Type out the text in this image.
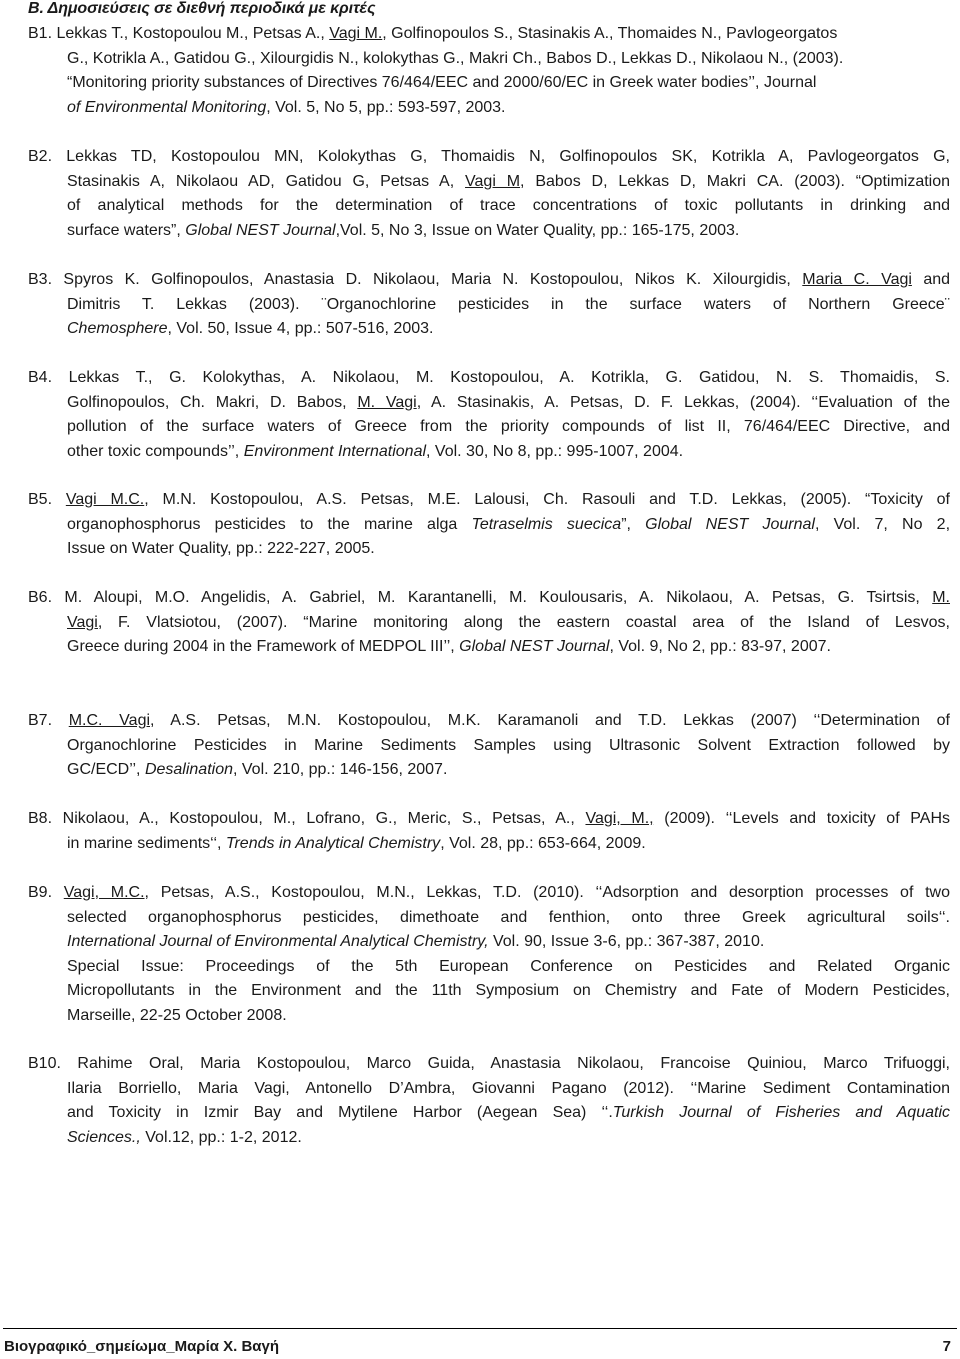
Β. Δημοσιεύσεις σε διεθνή περιοδικά με κριτές
B1. Lekkas T., Kostopoulou M., Petsas A., Vagi M., Golfinopoulos S., Stasinakis A., Thomaides N., Pavlogeorgatos
G., Kotrikla A., Gatidou G., Xilourgidis N., kolokythas G., Makri Ch., Babos D., Lekkas D., Nikolaou N., (2003).
“Monitoring priority substances of Directives 76/464/EEC and 2000/60/EC in Greek water bodies’’, Journal
of Environmental Monitoring, Vol. 5, No 5, pp.: 593-597, 2003.
B2. Lekkas TD, Kostopoulou MN, Kolokythas G, Thomaidis N, Golfinopoulos SK, Kotrikla A, Pavlogeorgatos G,
Stasinakis A, Nikolaou AD, Gatidou G, Petsas A, Vagi M, Babos D, Lekkas D, Makri CA. (2003). “Optimization
of analytical methods for the determination of trace concentrations of toxic pollutants in drinking and
surface waters”, Global NEST Journal,Vol. 5, No 3, Issue on Water Quality, pp.: 165-175, 2003.
B3. Spyros K. Golfinopoulos, Anastasia D. Nikolaou, Maria N. Kostopoulou, Nikos K. Xilourgidis, Maria C. Vagi and
Dimitris T. Lekkas (2003). ¨Organochlorine pesticides in the surface waters of Northern Greece¨
Chemosphere, Vol. 50, Issue 4, pp.: 507-516, 2003.
B4. Lekkas T., G. Kolokythas, A. Nikolaou, M. Kostopoulou, A. Kotrikla, G. Gatidou, N. S. Thomaidis, S.
Golfinopoulos, Ch. Makri, D. Babos, M. Vagi, A. Stasinakis, A. Petsas, D. F. Lekkas, (2004). ‘‘Evaluation of the
pollution of the surface waters of Greece from the priority compounds of list II, 76/464/EEC Directive, and
other toxic compounds’’, Environment International, Vol. 30, No 8, pp.: 995-1007, 2004.
B5. Vagi M.C., M.N. Kostopoulou, A.S. Petsas, M.E. Lalousi, Ch. Rasouli and T.D. Lekkas, (2005). “Toxicity of
organophosphorus pesticides to the marine alga Tetraselmis suecica”, Global NEST Journal, Vol. 7, No 2,
Issue on Water Quality, pp.: 222-227, 2005.
B6. M. Aloupi, M.O. Angelidis, A. Gabriel, M. Karantanelli, M. Koulousaris, A. Nikolaou, A. Petsas, G. Tsirtsis, M.
Vagi, F. Vlatsiotou, (2007). “Marine monitoring along the eastern coastal area of the Island of Lesvos,
Greece during 2004 in the Framework of MEDPOL III’’, Global NEST Journal, Vol. 9, No 2, pp.: 83-97, 2007.
B7. M.C. Vagi, A.S. Petsas, M.N. Kostopoulou, M.K. Karamanoli and T.D. Lekkas (2007) ‘‘Determination of
Organochlorine Pesticides in Marine Sediments Samples using Ultrasonic Solvent Extraction followed by
GC/ECD’’, Desalination, Vol. 210, pp.: 146-156, 2007.
B8. Nikolaou, A., Kostopoulou, M., Lofrano, G., Meric, S., Petsas, A., Vagi, M., (2009). ‘‘Levels and toxicity of PAHs
in marine sediments‘‘, Trends in Analytical Chemistry, Vol. 28, pp.: 653-664, 2009.
B9. Vagi, M.C., Petsas, A.S., Kostopoulou, M.N., Lekkas, T.D. (2010). ‘‘Adsorption and desorption processes of two
selected organophosphorus pesticides, dimethoate and fenthion, onto three Greek agricultural soils‘‘.
International Journal of Environmental Analytical Chemistry, Vol. 90, Issue 3-6, pp.: 367-387, 2010.
Special Issue: Proceedings of the 5th European Conference on Pesticides and Related Organic
Micropollutants in the Environment and the 11th Symposium on Chemistry and Fate of Modern Pesticides,
Marseille, 22-25 October 2008.
B10. Rahime Oral, Maria Kostopoulou, Marco Guida, Anastasia Nikolaou, Francoise Quiniou, Marco Trifuoggi,
Ilaria Borriello, Maria Vagi, Antonello D’Ambra, Giovanni Pagano (2012). ‘‘Marine Sediment Contamination
and Toxicity in Izmir Bay and Mytilene Harbor (Aegean Sea) ‘‘.Turkish Journal of Fisheries and Aquatic
Sciences., Vol.12, pp.: 1-2, 2012.
Βιογραφικό_σημείωμα_Μαρία Χ. Βαγή	7
